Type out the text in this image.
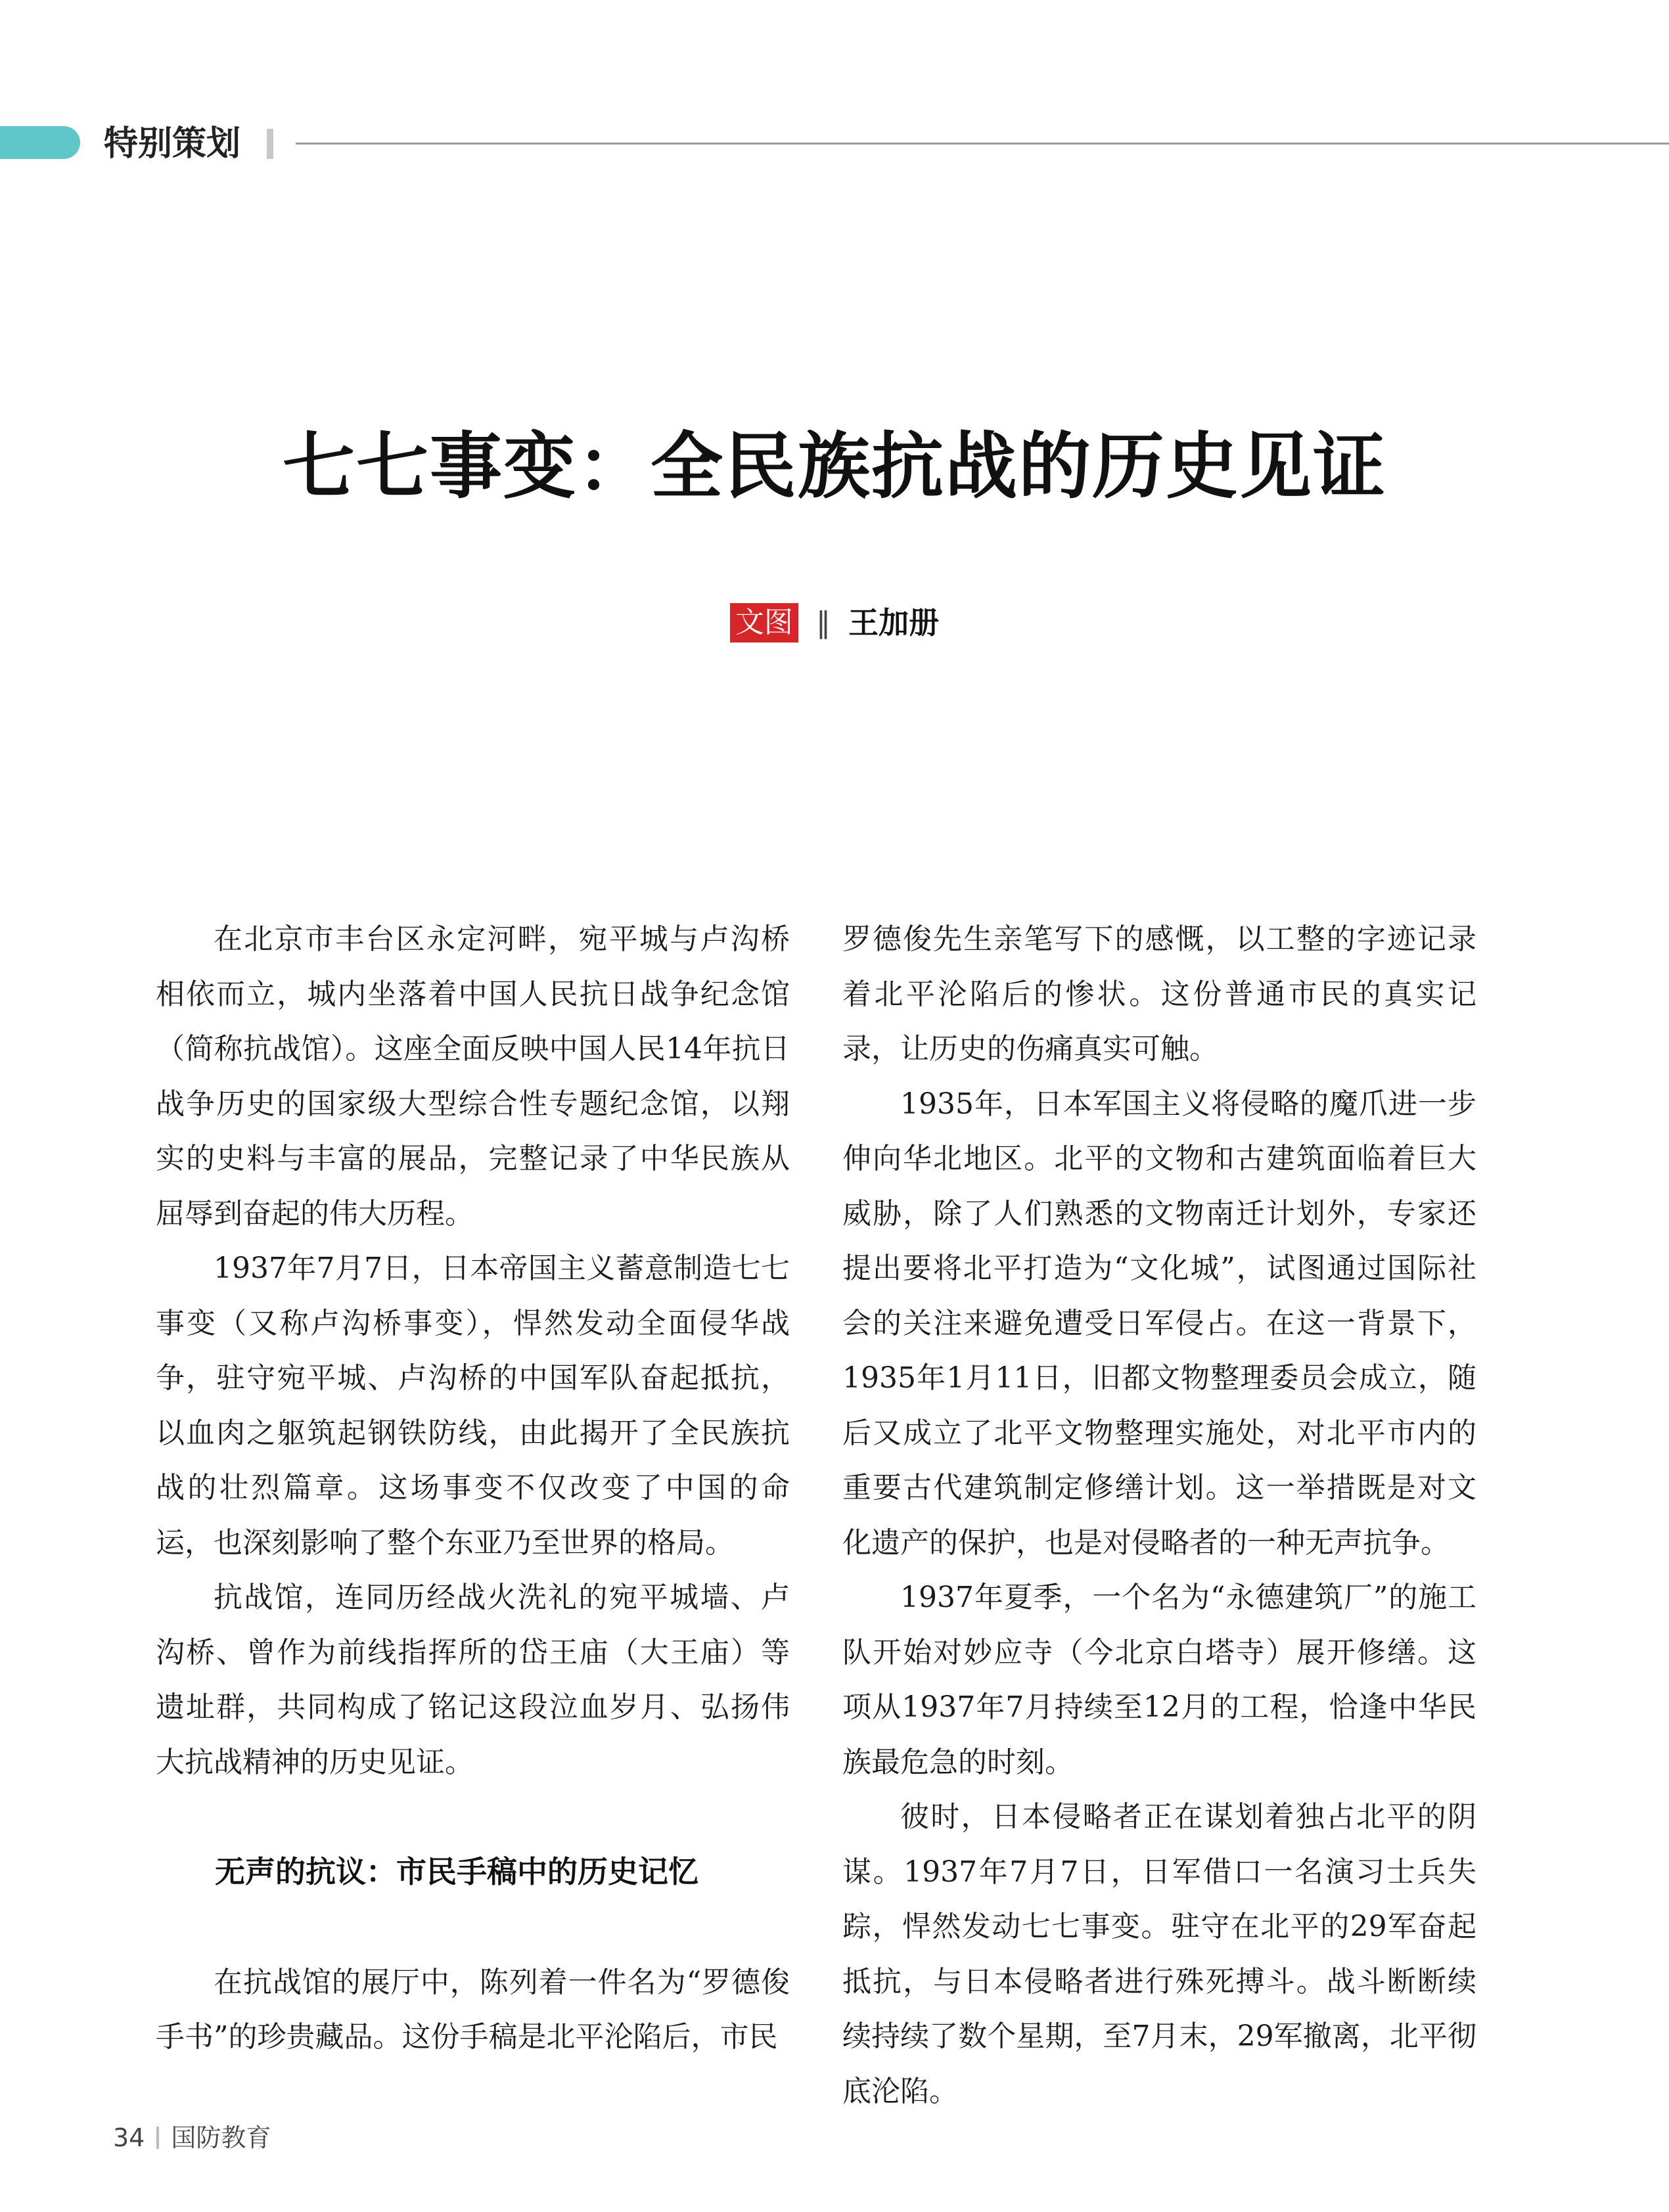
特别策划
七七事变：全民族抗战的历史见证
文图 ‖ 王加册

在北京市丰台区永定河畔，宛平城与卢沟桥相依而立，城内坐落着中国人民抗日战争纪念馆（简称抗战馆）。这座全面反映中国人民14年抗日战争历史的国家级大型综合性专题纪念馆，以翔实的史料与丰富的展品，完整记录了中华民族从屈辱到奋起的伟大历程。

1937年7月7日，日本帝国主义蓄意制造七七事变（又称卢沟桥事变），悍然发动全面侵华战争，驻守宛平城、卢沟桥的中国军队奋起抵抗，以血肉之躯筑起钢铁防线，由此揭开了全民族抗战的壮烈篇章。这场事变不仅改变了中国的命运，也深刻影响了整个东亚乃至世界的格局。

抗战馆，连同历经战火洗礼的宛平城墙、卢沟桥、曾作为前线指挥所的岱王庙（大王庙）等遗址群，共同构成了铭记这段泣血岁月、弘扬伟大抗战精神的历史见证。

无声的抗议：市民手稿中的历史记忆

在抗战馆的展厅中，陈列着一件名为“罗德俊手书”的珍贵藏品。这份手稿是北平沦陷后，市民

罗德俊先生亲笔写下的感慨，以工整的字迹记录着北平沦陷后的惨状。这份普通市民的真实记录，让历史的伤痛真实可触。

1935年，日本军国主义将侵略的魔爪进一步伸向华北地区。北平的文物和古建筑面临着巨大威胁，除了人们熟悉的文物南迁计划外，专家还提出要将北平打造为“文化城”，试图通过国际社会的关注来避免遭受日军侵占。在这一背景下，1935年1月11日，旧都文物整理委员会成立，随后又成立了北平文物整理实施处，对北平市内的重要古代建筑制定修缮计划。这一举措既是对文化遗产的保护，也是对侵略者的一种无声抗争。

1937年夏季，一个名为“永德建筑厂”的施工队开始对妙应寺（今北京白塔寺）展开修缮。这项从1937年7月持续至12月的工程，恰逢中华民族最危急的时刻。

彼时，日本侵略者正在谋划着独占北平的阴谋。1937年7月7日，日军借口一名演习士兵失踪，悍然发动七七事变。驻守在北平的29军奋起抵抗，与日本侵略者进行殊死搏斗。战斗断断续续持续了数个星期，至7月末，29军撤离，北平彻底沦陷。

34 国防教育
